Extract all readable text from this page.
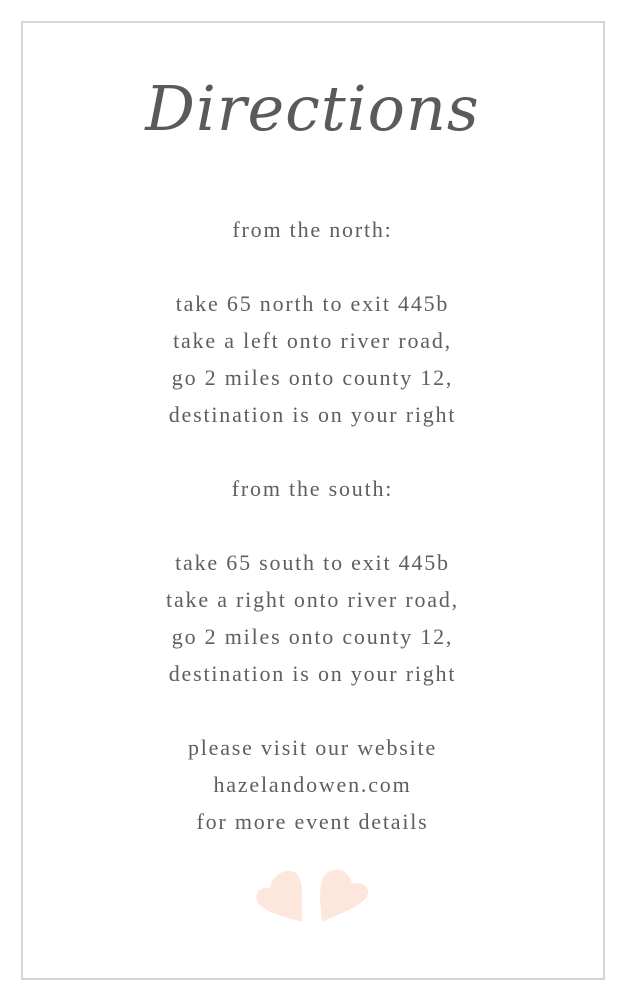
Directions
from the north:
take 65 north to exit 445b
take a left onto river road,
go 2 miles onto county 12,
destination is on your right
from the south:
take 65 south to exit 445b
take a right onto river road,
go 2 miles onto county 12,
destination is on your right
please visit our website
hazelandowen.com
for more event details
